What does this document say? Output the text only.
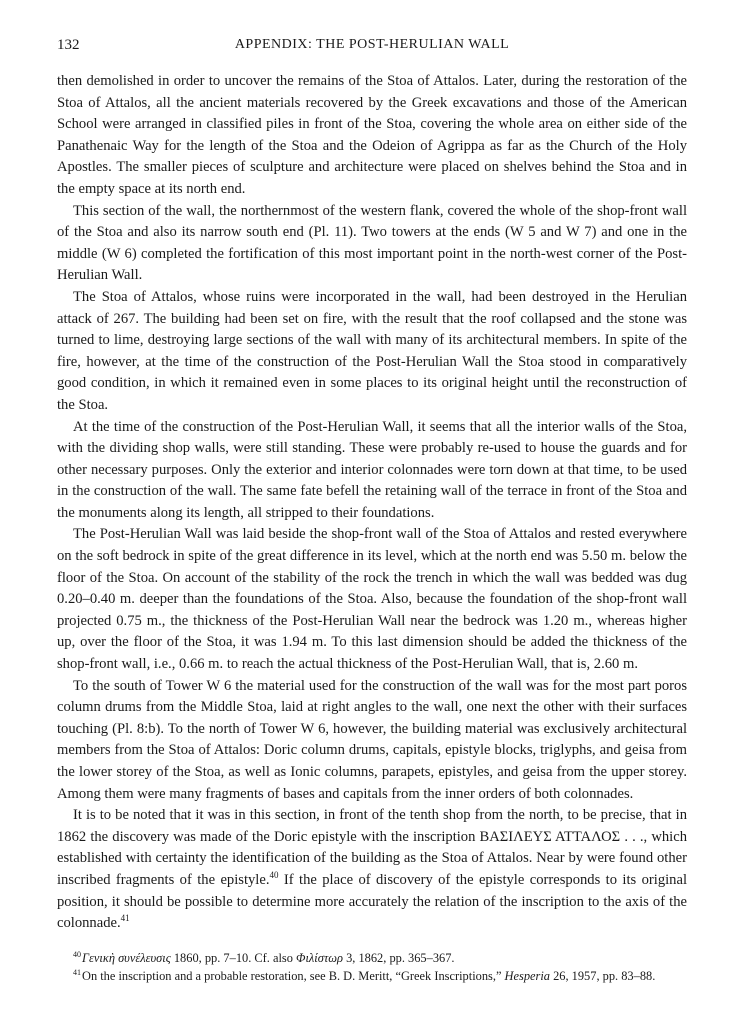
132	APPENDIX: THE POST-HERULIAN WALL

then demolished in order to uncover the remains of the Stoa of Attalos. Later, during the restoration of the Stoa of Attalos, all the ancient materials recovered by the Greek excavations and those of the American School were arranged in classified piles in front of the Stoa, covering the whole area on either side of the Panathenaic Way for the length of the Stoa and the Odeion of Agrippa as far as the Church of the Holy Apostles. The smaller pieces of sculpture and architecture were placed on shelves behind the Stoa and in the empty space at its north end.

This section of the wall, the northernmost of the western flank, covered the whole of the shop-front wall of the Stoa and also its narrow south end (Pl. 11). Two towers at the ends (W 5 and W 7) and one in the middle (W 6) completed the fortification of this most important point in the north-west corner of the Post-Herulian Wall.

The Stoa of Attalos, whose ruins were incorporated in the wall, had been destroyed in the Herulian attack of 267. The building had been set on fire, with the result that the roof collapsed and the stone was turned to lime, destroying large sections of the wall with many of its architectural members. In spite of the fire, however, at the time of the construction of the Post-Herulian Wall the Stoa stood in comparatively good condition, in which it remained even in some places to its original height until the reconstruction of the Stoa.

At the time of the construction of the Post-Herulian Wall, it seems that all the interior walls of the Stoa, with the dividing shop walls, were still standing. These were probably re-used to house the guards and for other necessary purposes. Only the exterior and interior colonnades were torn down at that time, to be used in the construction of the wall. The same fate befell the retaining wall of the terrace in front of the Stoa and the monuments along its length, all stripped to their foundations.

The Post-Herulian Wall was laid beside the shop-front wall of the Stoa of Attalos and rested everywhere on the soft bedrock in spite of the great difference in its level, which at the north end was 5.50 m. below the floor of the Stoa. On account of the stability of the rock the trench in which the wall was bedded was dug 0.20–0.40 m. deeper than the foundations of the Stoa. Also, because the foundation of the shop-front wall projected 0.75 m., the thickness of the Post-Herulian Wall near the bedrock was 1.20 m., whereas higher up, over the floor of the Stoa, it was 1.94 m. To this last dimension should be added the thickness of the shop-front wall, i.e., 0.66 m. to reach the actual thickness of the Post-Herulian Wall, that is, 2.60 m.

To the south of Tower W 6 the material used for the construction of the wall was for the most part poros column drums from the Middle Stoa, laid at right angles to the wall, one next the other with their surfaces touching (Pl. 8:b). To the north of Tower W 6, however, the building material was exclusively architectural members from the Stoa of Attalos: Doric column drums, capitals, epistyle blocks, triglyphs, and geisa from the lower storey of the Stoa, as well as Ionic columns, parapets, epistyles, and geisa from the upper storey. Among them were many fragments of bases and capitals from the inner orders of both colonnades.

It is to be noted that it was in this section, in front of the tenth shop from the north, to be precise, that in 1862 the discovery was made of the Doric epistyle with the inscription ΒΑΣΙΛΕΥΣ ΑΤΤΑΛΟΣ . . ., which established with certainty the identification of the building as the Stoa of Attalos. Near by were found other inscribed fragments of the epistyle.$^{40}$ If the place of discovery of the epistyle corresponds to its original position, it should be possible to determine more accurately the relation of the inscription to the axis of the colonnade.$^{41}$

$^{40}$Γενικὴ συνέλευσις 1860, pp. 7–10. Cf. also Φιλίστωρ 3, 1862, pp. 365–367.

$^{41}$On the inscription and a probable restoration, see B. D. Meritt, “Greek Inscriptions,” Hesperia 26, 1957, pp. 83–88.
